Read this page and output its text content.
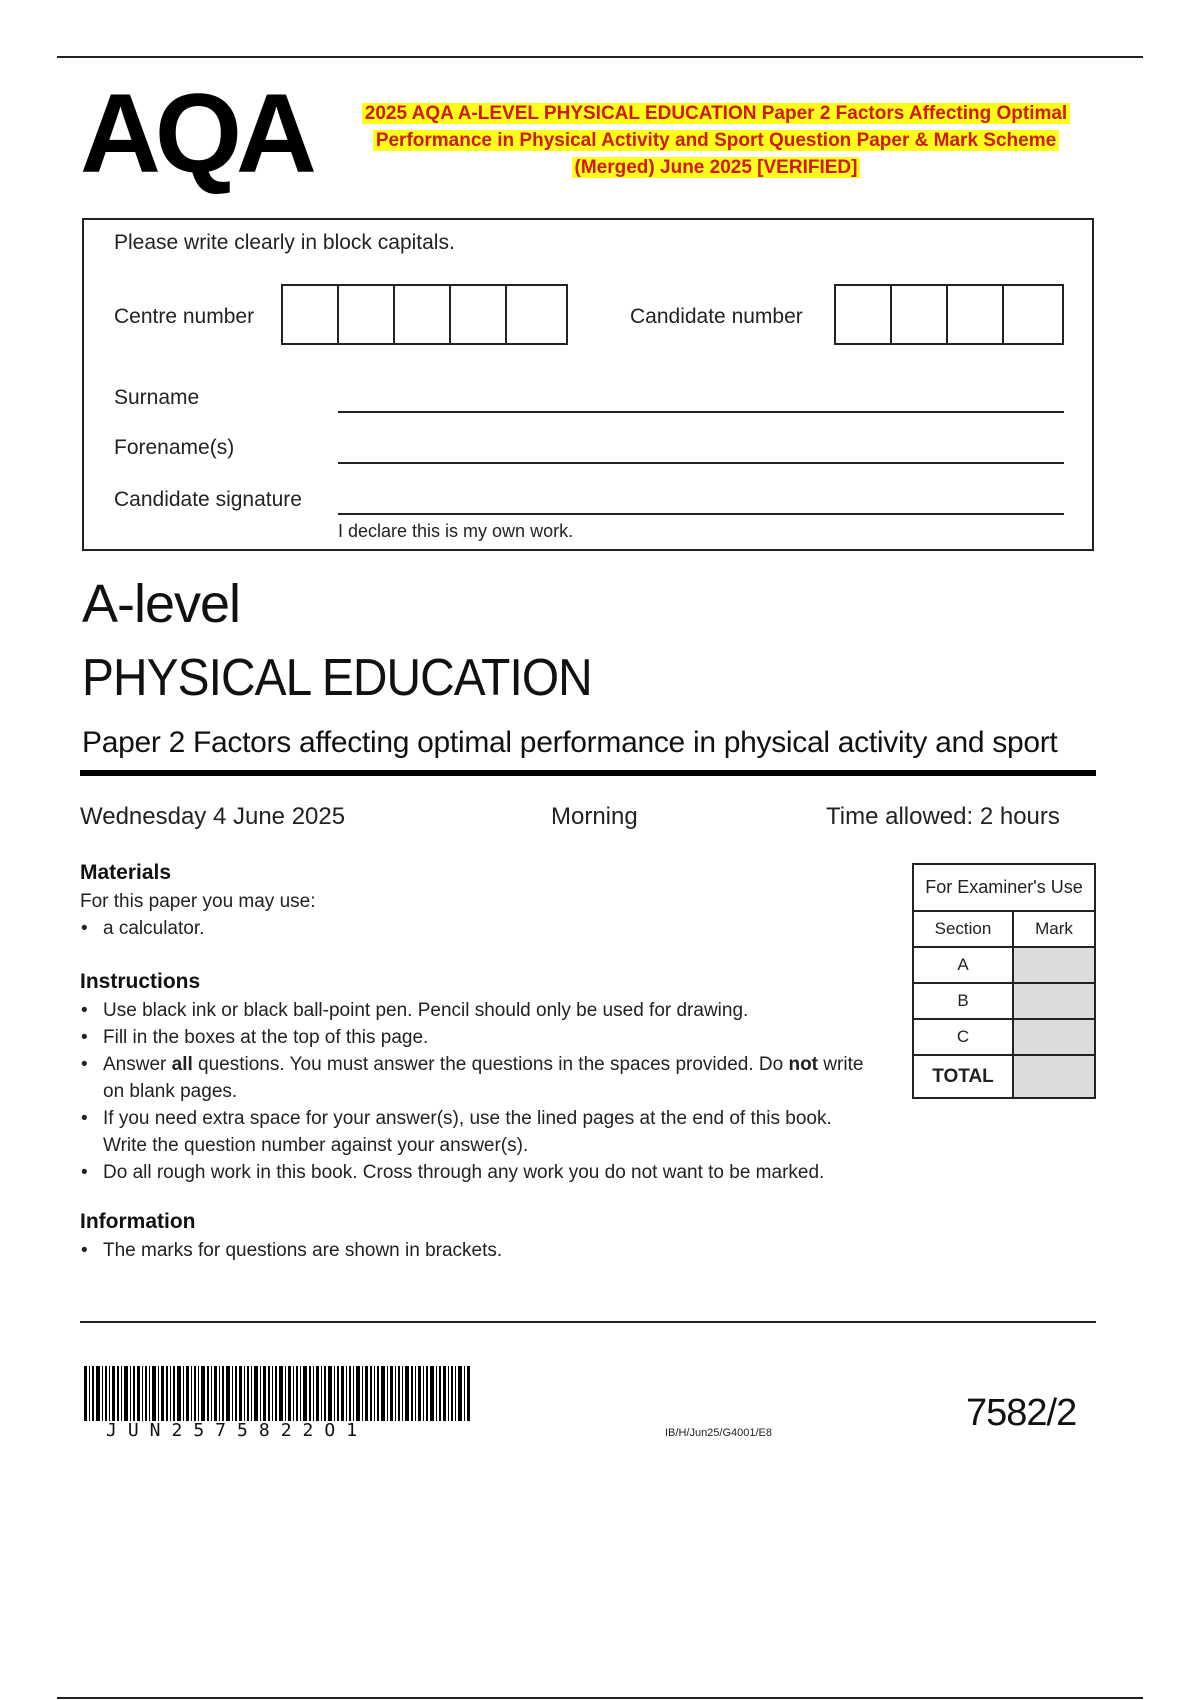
AQA	2025 AQA A-LEVEL PHYSICAL EDUCATION Paper 2 Factors Affecting Optimal
Performance in Physical Activity and Sport Question Paper & Mark Scheme
(Merged) June 2025 [VERIFIED]
Please write clearly in block capitals.
Centre number	Candidate number
Surname
Forename(s)
Candidate signature
I declare this is my own work.
A-level
PHYSICAL EDUCATION
Paper 2 Factors affecting optimal performance in physical activity and sport
Wednesday 4 June 2025	Morning	Time allowed: 2 hours
Materials
For this paper you may use:
• a calculator.
Instructions
• Use black ink or black ball-point pen. Pencil should only be used for drawing.
• Fill in the boxes at the top of this page.
• Answer all questions. You must answer the questions in the spaces provided. Do not write on blank pages.
• If you need extra space for your answer(s), use the lined pages at the end of this book. Write the question number against your answer(s).
• Do all rough work in this book. Cross through any work you do not want to be marked.
Information
• The marks for questions are shown in brackets.
For Examiner's Use
Section	Mark
A
B
C
TOTAL
JUN2575822O1	IB/H/Jun25/G4001/E8	7582/2
